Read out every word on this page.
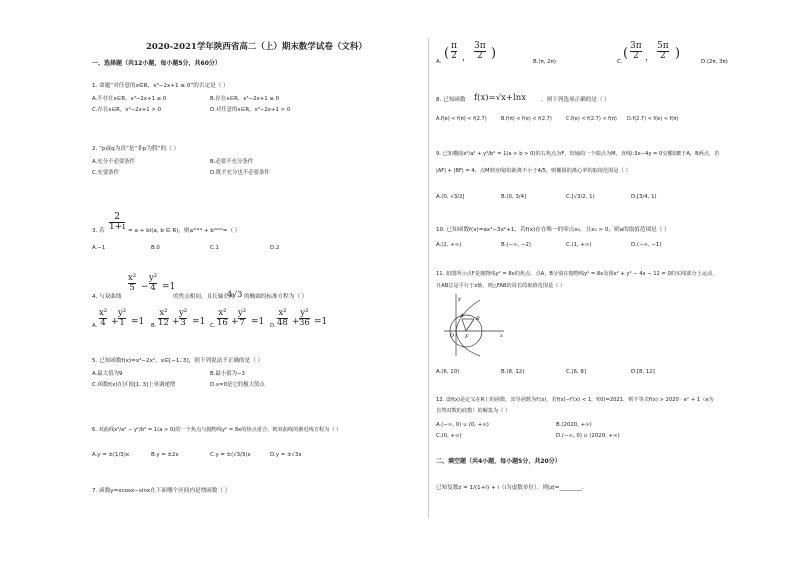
2020-2021学年陕西省高二（上）期末数学试卷（文科）
一、选择题（共12小题，每小题5分，共60分）
1. 命题“对任意的x∈R，x³−2x+1 ≤ 0”的否定是（ ）
A.不存在x∈R，x³−2x+1 ≤ 0	B.存在x∈R，x³−2x+1 ≤ 0
C.存在x∈R，x³−2x+1 > 0	D.对任意的x∈R，x³−2x+1 > 0
2. “p或q为真”是“非p为假”的（ ）
A.充分不必要条件	B.必要不充分条件
C.充要条件	D.既不充分也不必要条件
3. 若
2
1+i = a + bi(a, b ∈ R)，则a²⁰¹⁹ + b²⁰²⁰=（ ）
A.−1	B.0	C.1	D.2
x²
5 −
y²
4 =1
4. 与双曲线	的焦点相同，且长轴长为
4√3 的椭圆的标准方程为（ ）
A.
x²
4 +
y²
1 =1 B.
x²
12 +
y²
3 =1 C.
x²
16 +
y²
7 =1 D.
x²
48 +
y²
36 =1
5. 已知函数f(x)=x³−2x²，x∈[−1, 3]，则下列说法不正确的是（ ）
A.最大值为9	B.最小值为−3
C.函数f(x)在区间[1, 3]上单调递增	D.x=0是它的极大值点
6. 双曲线x²/a² − y²/b² = 1(a > 0)的一个焦点与抛物线y² = 8x的焦点重合，则双曲线的渐近线方程为（ ）
A.y = ±(1/3)x	B.y = ±2x	C.y = ±(√3/3)x	D.y = ±√3x
7. 函数y=xcosx−sinx在下面哪个区间内是增函数（ ）
A.
( π
2 ，
3π
2 )
B.(π, 2π)	C.
( 3π
2 ，
5π
2 )
D.(2π, 3π)
8. 已知函数 f(x)=√x+lnx	，则下列选项正确的是（ ）
A.f(e) < f(π) < f(2.7)	B.f(π) < f(e) < f(2.7)	C.f(e) < f(2.7) < f(π) D.f(2.7) < f(e) < f(π)
9. 已知椭圆x²/a² + y²/b² = 1(a > b > 0)的右焦点为F，短轴的一个端点为M，直线l:3x−4y = 0交椭圆E于A，B两点，若
|AF| + |BF| = 4，点M到直线l的距离不小于4/5，则椭圆的离心率的取值范围是（ ）
A.(0, √3/2]	B.(0, 3/4]	C.[√3/2, 1)	D.[3/4, 1)
10. 已知函数f(x)=ax³−3x²+1，若f(x)存在唯一的零点x₀，且x₀ > 0，则a的取值范围是（ ）
A.(2, +∞)	B.(−∞, −2)	C.(1, +∞)	D.(−∞, −1)
11. 如图所示点F是抛物线y² = 8x的焦点，点A，B分别在抛物线y² = 8x及圆x² + y² − 4x − 12 = 0的实线部分上运动，
且AB总是平行于x轴，则△FAB的周长的取值范围是（ ）
y
x
A B
O F
A.(6, 10)	B.(8, 12)	C.[6, 8]	D.[8, 12]
12. 设f(x)是定义在R上的函数，其导函数为f′(x)，若f(x)−f′(x) < 1，f(0)=2021，则不等式f(x) > 2020 · eˣ + 1（e为
自然对数的底数）的解集为（ ）
A.(−∞, 0) ∪ (0, +∞)	B.(2020, +∞)
C.(0, +∞)	D.(−∞, 0) ∪ (2020, +∞)
二、填空题（共4小题，每小题5分，共20分）
已知复数z = 1/(1+i) + i（i为虚数单位），则|z|=________.
